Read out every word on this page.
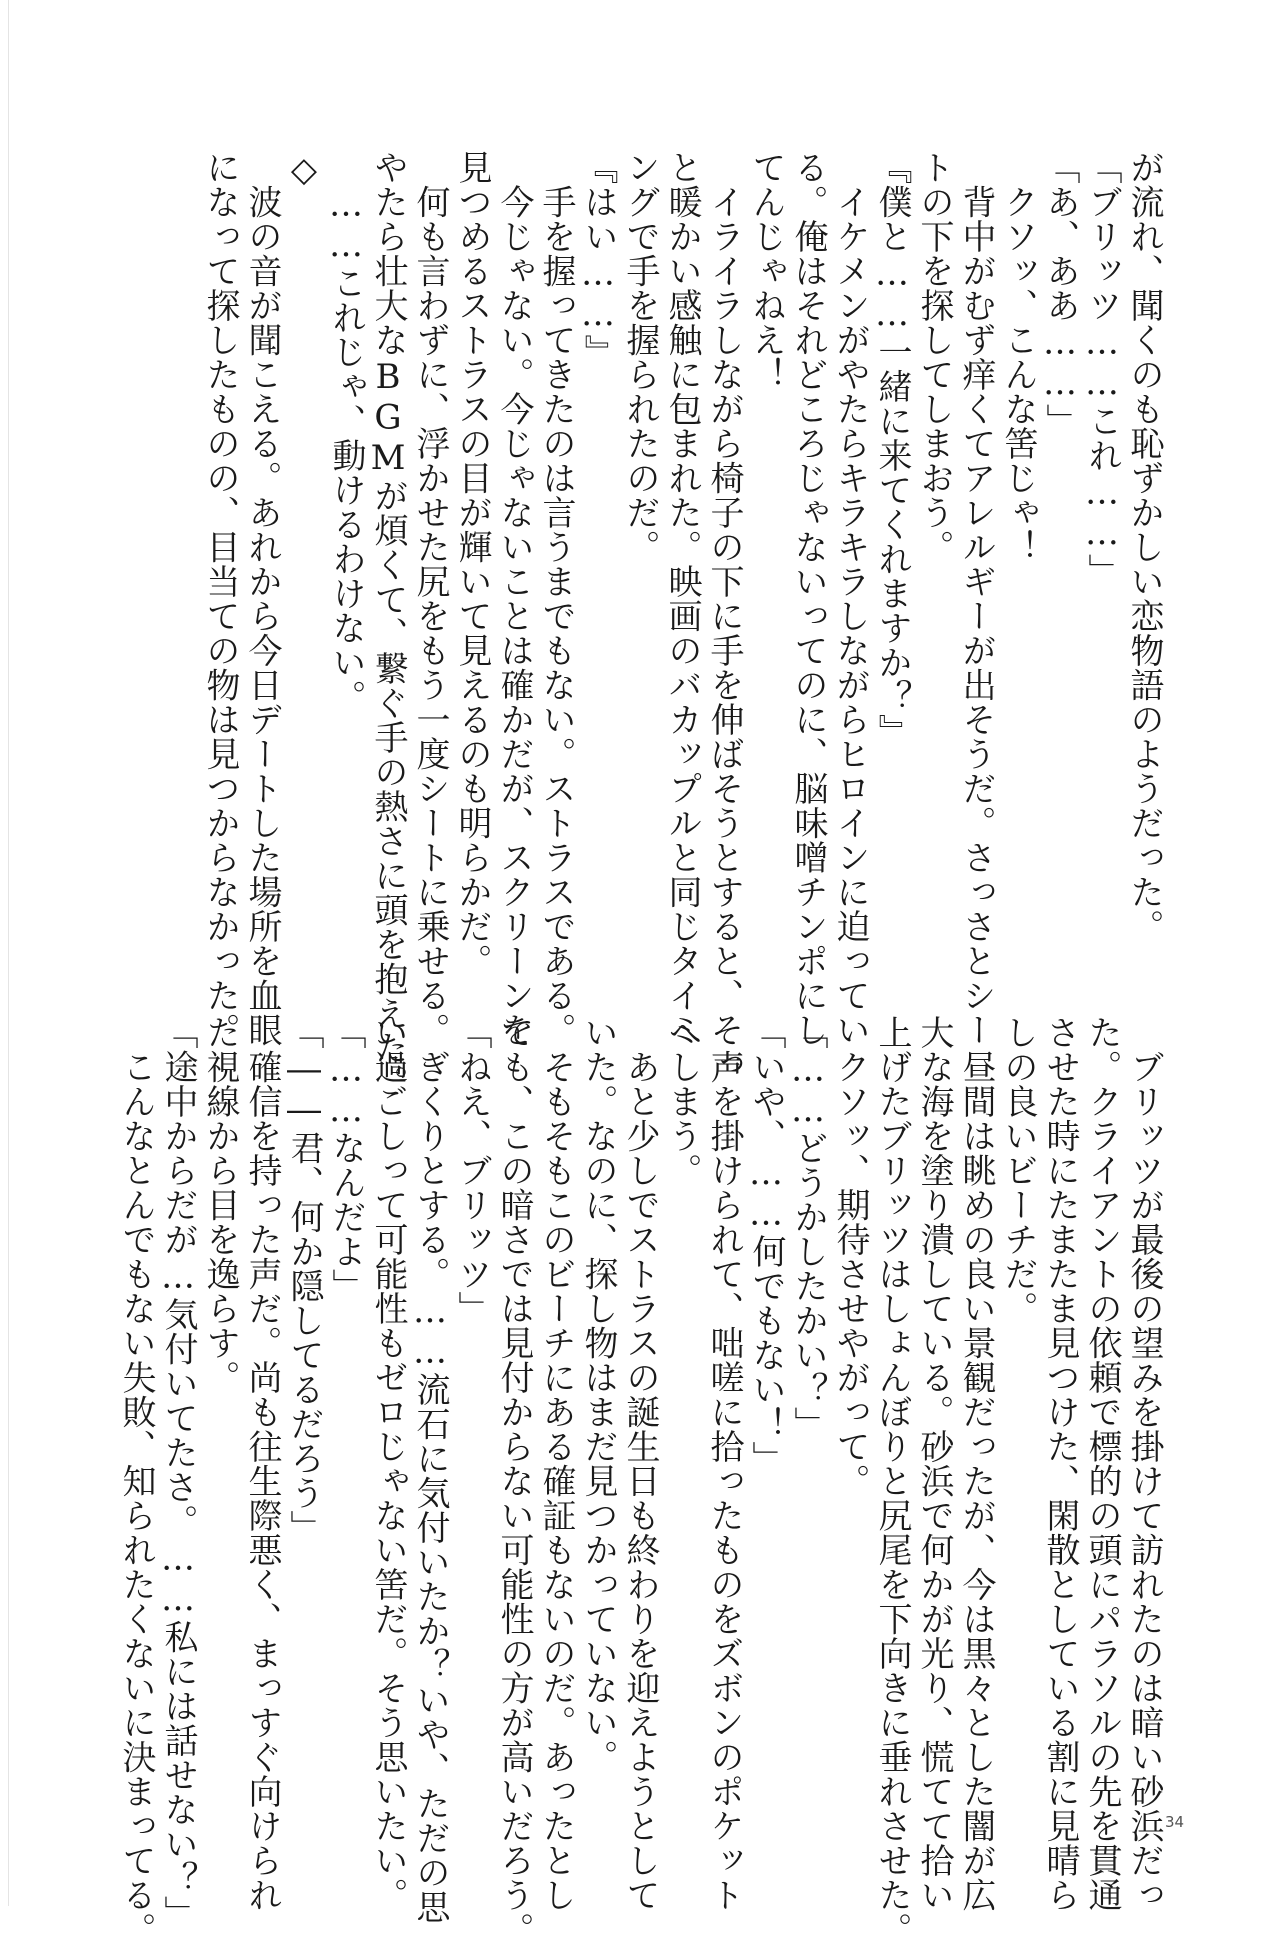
が流れ、聞くのも恥ずかしい恋物語のようだった。

「ブリッツ……これ……」

「あ、ああ……」

　クソッ、こんな筈じゃ！

　背中がむず痒くてアレルギーが出そうだ。さっさとシー

トの下を探してしまおう。

『僕と……一緒に来てくれますか？』

　イケメンがやたらキラキラしながらヒロインに迫ってい

る。俺はそれどころじゃないってのに、脳味噌チンポにし

てんじゃねえ！

　イライラしながら椅子の下に手を伸ばそうとすると、そっ

と暖かい感触に包まれた。映画のバカップルと同じタイミ

ングで手を握られたのだ。

『はい……』

　手を握ってきたのは言うまでもない。ストラスである。

　今じゃない。今じゃないことは確かだが、スクリーンを

見つめるストラスの目が輝いて見えるのも明らかだ。

　何も言わずに、浮かせた尻をもう一度シートに乗せる。

やたら壮大なBGMが煩くて、繋ぐ手の熱さに頭を抱えた。

　……これじゃ、動けるわけない。

◇

　波の音が聞こえる。あれから今日デートした場所を血眼

になって探したものの、目当ての物は見つからなかった。

　ブリッツが最後の望みを掛けて訪れたのは暗い砂浜だっ

た。クライアントの依頼で標的の頭にパラソルの先を貫通

させた時にたまたま見つけた、閑散としている割に見晴ら

しの良いビーチだ。

　昼間は眺めの良い景観だったが、今は黒々とした闇が広

大な海を塗り潰している。砂浜で何かが光り、慌てて拾い

上げたブリッツはしょんぼりと尻尾を下向きに垂れさせた。

　クソッ、期待させやがって。

「……どうかしたかい？」

「いや、……何でもない！」

　声を掛けられて、咄嗟に拾ったものをズボンのポケット

へしまう。

　あと少しでストラスの誕生日も終わりを迎えようとして

いた。なのに、探し物はまだ見つかっていない。

　そもそもこのビーチにある確証もないのだ。あったとし

ても、この暗さでは見付からない可能性の方が高いだろう。

「ねえ、ブリッツ」

　ぎくりとする。……流石に気付いたか？いや、ただの思

い過ごしって可能性もゼロじゃない筈だ。そう思いたい。

「……なんだよ」

「――君、何か隠してるだろう」

　確信を持った声だ。尚も往生際悪く、まっすぐ向けられ

た視線から目を逸らす。

「途中からだが…気付いてたさ。……私には話せない？」

　こんなとんでもない失敗、知られたくないに決まってる。	34
